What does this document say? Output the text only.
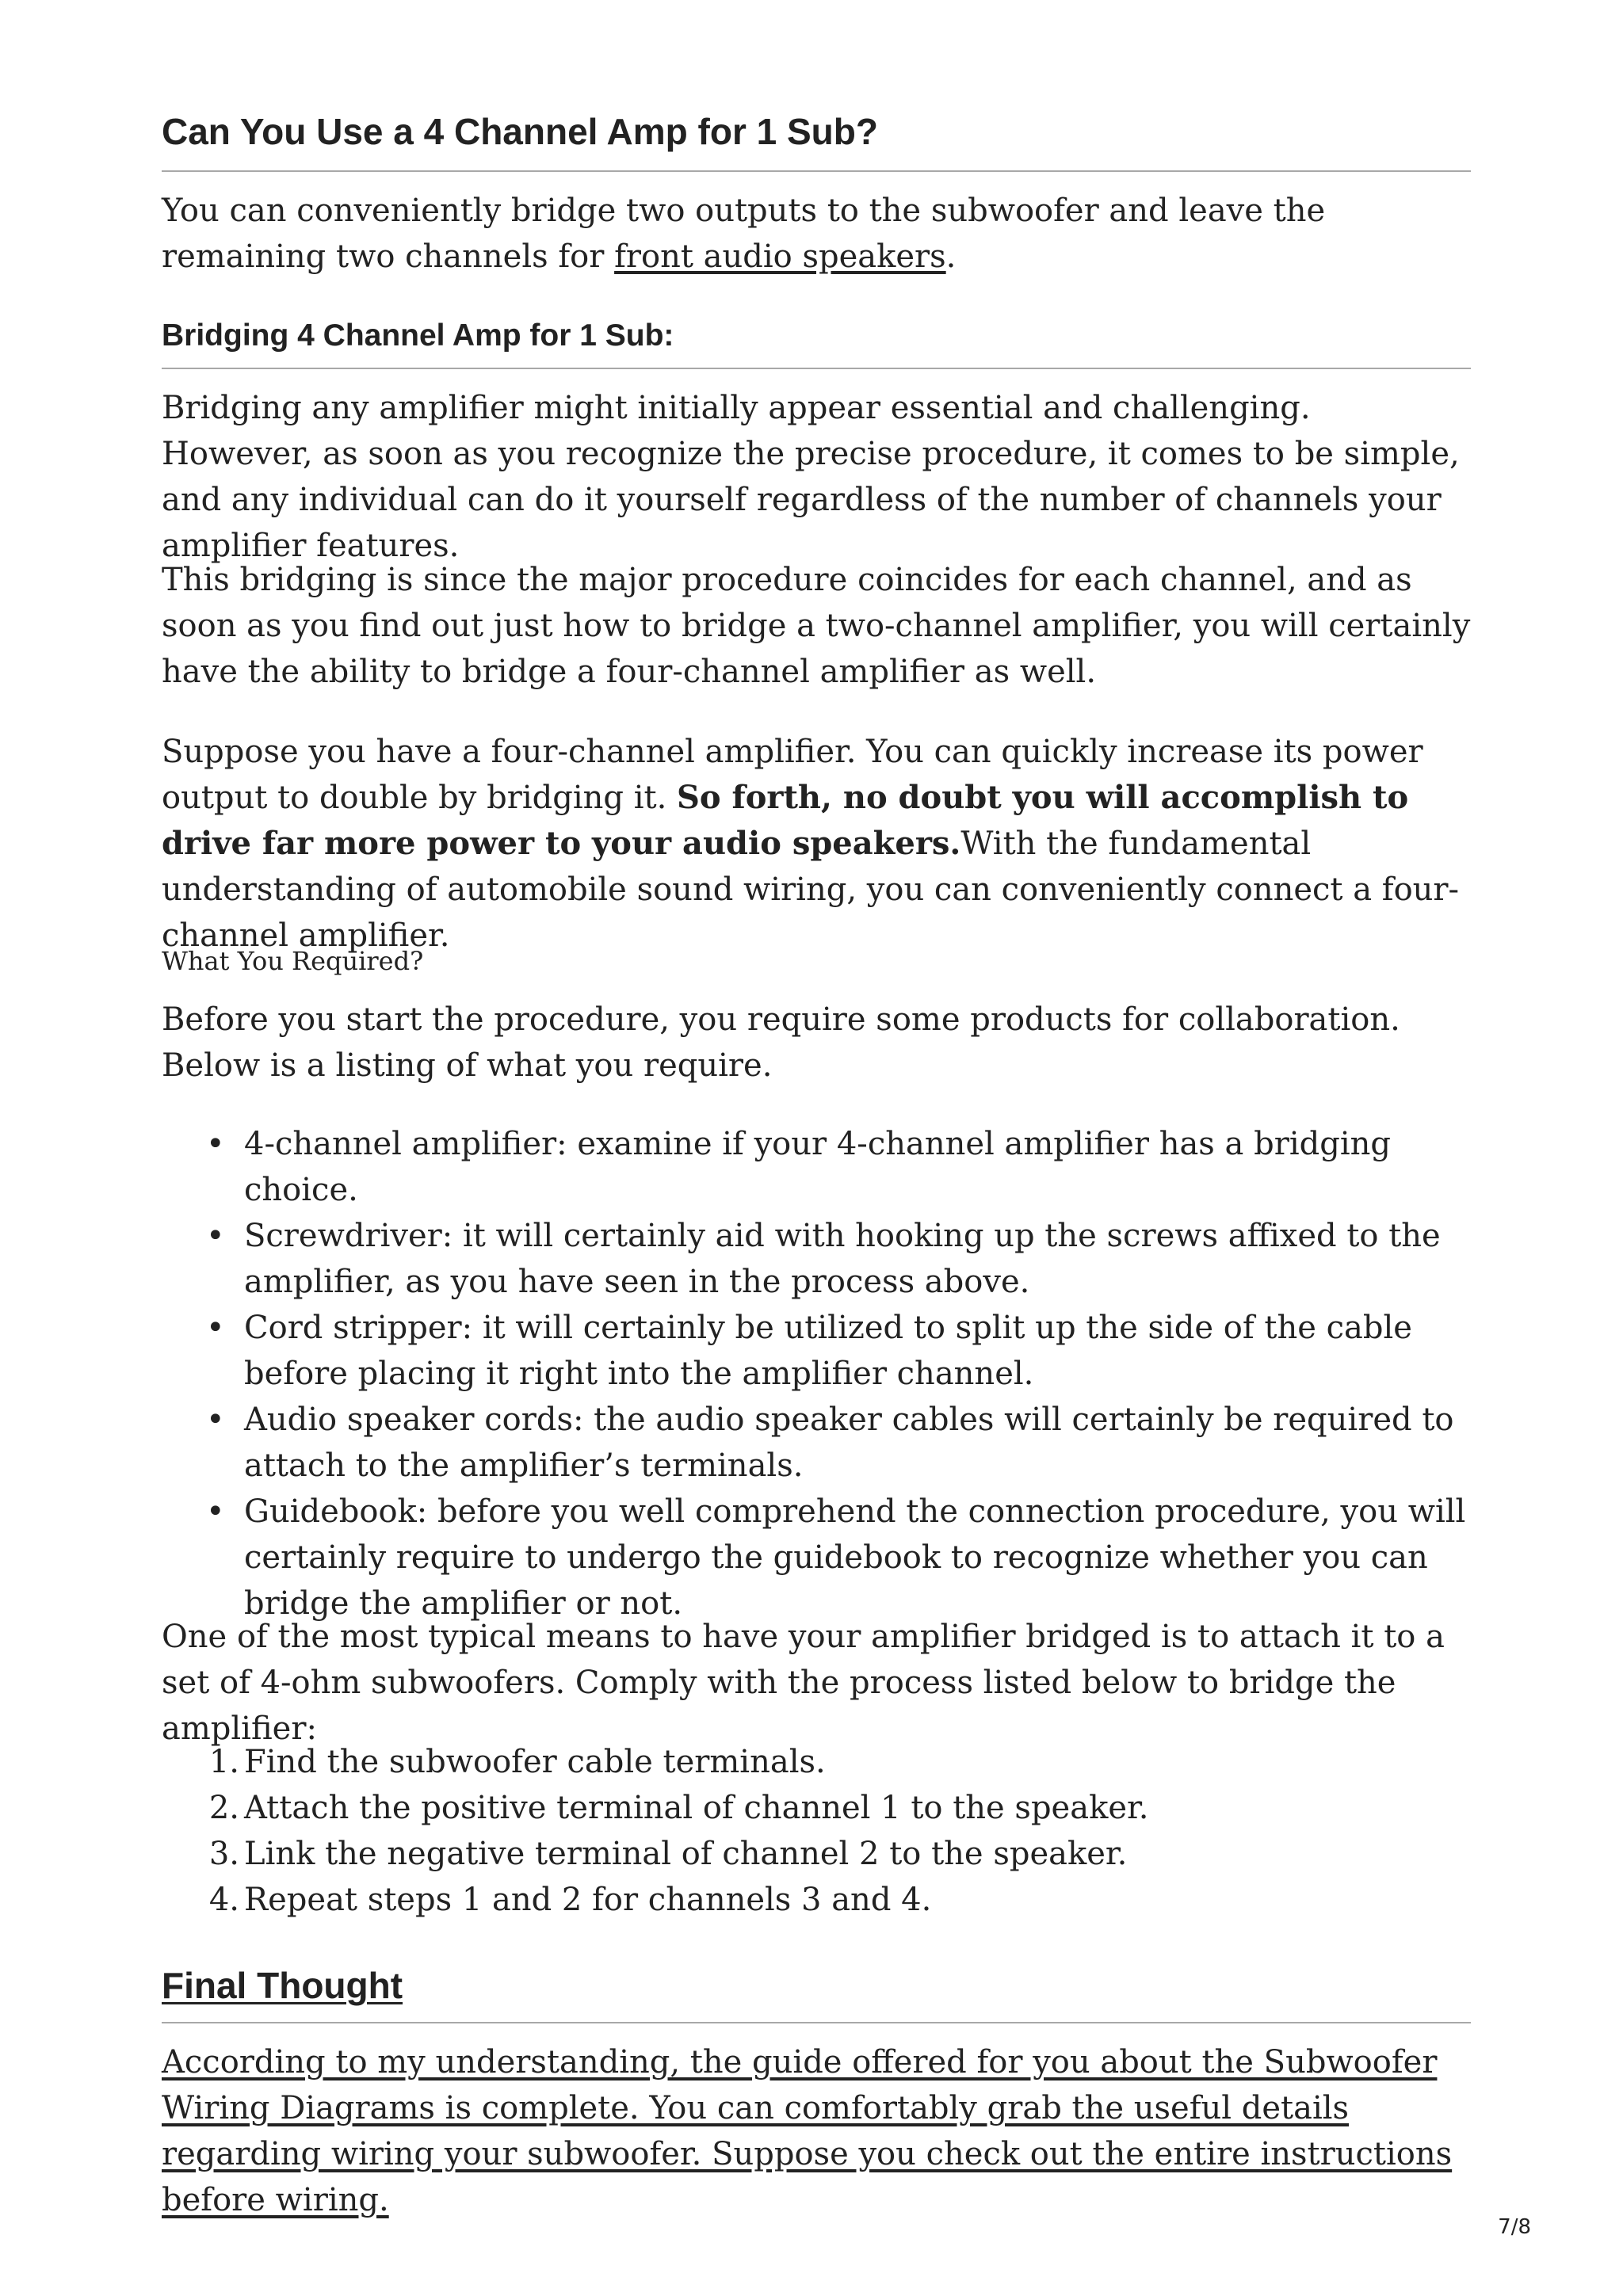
Can You Use a 4 Channel Amp for 1 Sub?

You can conveniently bridge two outputs to the subwoofer and leave the remaining two channels for front audio speakers.

Bridging 4 Channel Amp for 1 Sub:

Bridging any amplifier might initially appear essential and challenging. However, as soon as you recognize the precise procedure, it comes to be simple, and any individual can do it yourself regardless of the number of channels your amplifier features.

This bridging is since the major procedure coincides for each channel, and as soon as you find out just how to bridge a two-channel amplifier, you will certainly have the ability to bridge a four-channel amplifier as well.

Suppose you have a four-channel amplifier. You can quickly increase its power output to double by bridging it. So forth, no doubt you will accomplish to drive far more power to your audio speakers.With the fundamental understanding of automobile sound wiring, you can conveniently connect a four-channel amplifier.

What You Required?

Before you start the procedure, you require some products for collaboration. Below is a listing of what you require.

• 4-channel amplifier: examine if your 4-channel amplifier has a bridging choice.
• Screwdriver: it will certainly aid with hooking up the screws affixed to the amplifier, as you have seen in the process above.
• Cord stripper: it will certainly be utilized to split up the side of the cable before placing it right into the amplifier channel.
• Audio speaker cords: the audio speaker cables will certainly be required to attach to the amplifier’s terminals.
• Guidebook: before you well comprehend the connection procedure, you will certainly require to undergo the guidebook to recognize whether you can bridge the amplifier or not.

One of the most typical means to have your amplifier bridged is to attach it to a set of 4-ohm subwoofers. Comply with the process listed below to bridge the amplifier:

1. Find the subwoofer cable terminals.
2. Attach the positive terminal of channel 1 to the speaker.
3. Link the negative terminal of channel 2 to the speaker.
4. Repeat steps 1 and 2 for channels 3 and 4.
Final Thought

According to my understanding, the guide offered for you about the Subwoofer Wiring Diagrams is complete. You can comfortably grab the useful details regarding wiring your subwoofer. Suppose you check out the entire instructions before wiring.

7/8
